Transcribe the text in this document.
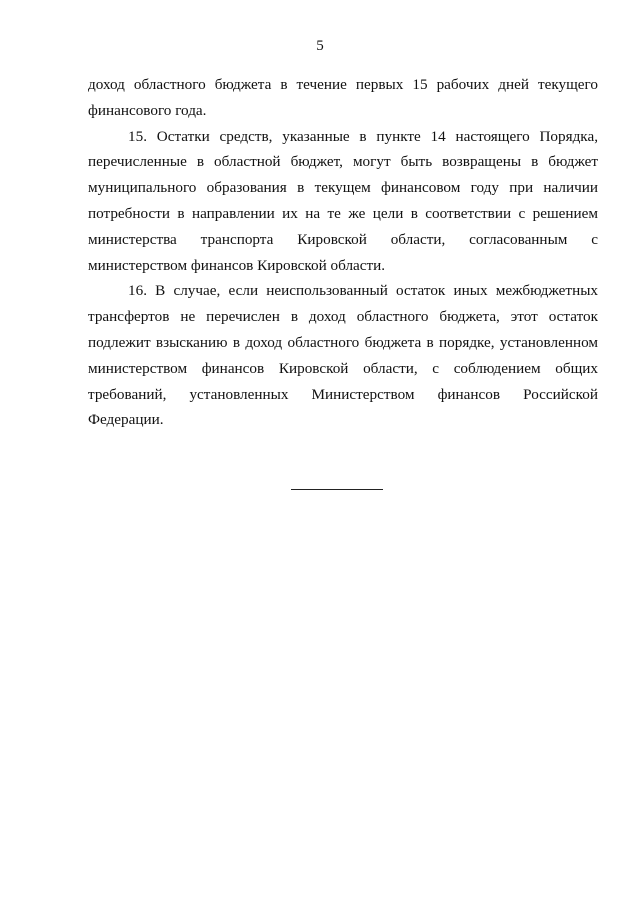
5

доход областного бюджета в течение первых 15 рабочих дней текущего финансового года.

15. Остатки средств, указанные в пункте 14 настоящего Порядка, перечисленные в областной бюджет, могут быть возвращены в бюджет муниципального образования в текущем финансовом году при наличии потребности в направлении их на те же цели в соответствии с решением министерства транспорта Кировской области, согласованным с министерством финансов Кировской области.

16. В случае, если неиспользованный остаток иных межбюджетных трансфертов не перечислен в доход областного бюджета, этот остаток подлежит взысканию в доход областного бюджета в порядке, установленном министерством финансов Кировской области, с соблюдением общих требований, установленных Министерством финансов Российской Федерации.
